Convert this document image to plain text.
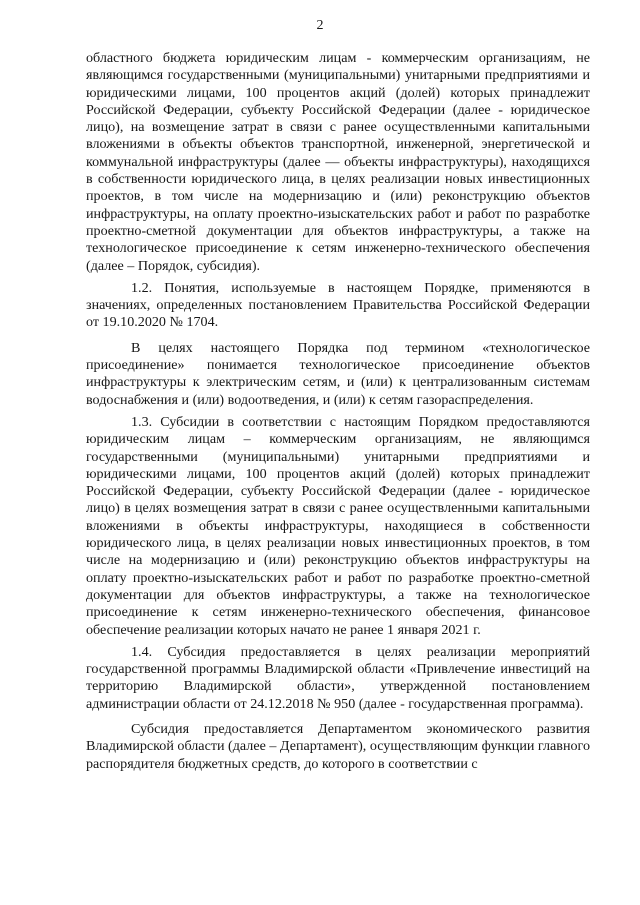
2

областного бюджета юридическим лицам - коммерческим организациям, не являющимся государственными (муниципальными) унитарными предприятиями и юридическими лицами, 100 процентов акций (долей) которых принадлежит Российской Федерации, субъекту Российской Федерации (далее - юридическое лицо), на возмещение затрат в связи с ранее осуществленными капитальными вложениями в объекты объектов транспортной, инженерной, энергетической и коммунальной инфраструктуры (далее — объекты инфраструктуры), находящихся в собственности юридического лица, в целях реализации новых инвестиционных проектов, в том числе на модернизацию и (или) реконструкцию объектов инфраструктуры, на оплату проектно-изыскательских работ и работ по разработке проектно-сметной документации для объектов инфраструктуры, а также на технологическое присоединение к сетям инженерно-технического обеспечения (далее – Порядок, субсидия).

1.2. Понятия, используемые в настоящем Порядке, применяются в значениях, определенных постановлением Правительства Российской Федерации от 19.10.2020 № 1704.

В целях настоящего Порядка под термином «технологическое присоединение» понимается технологическое присоединение объектов инфраструктуры к электрическим сетям, и (или) к централизованным системам водоснабжения и (или) водоотведения, и (или) к сетям газораспределения.

1.3. Субсидии в соответствии с настоящим Порядком предоставляются юридическим лицам – коммерческим организациям, не являющимся государственными (муниципальными) унитарными предприятиями и юридическими лицами, 100 процентов акций (долей) которых принадлежит Российской Федерации, субъекту Российской Федерации (далее - юридическое лицо) в целях возмещения затрат в связи с ранее осуществленными капитальными вложениями в объекты инфраструктуры, находящиеся в собственности юридического лица, в целях реализации новых инвестиционных проектов, в том числе на модернизацию и (или) реконструкцию объектов инфраструктуры на оплату проектно-изыскательских работ и работ по разработке проектно-сметной документации для объектов инфраструктуры, а также на технологическое присоединение к сетям инженерно-технического обеспечения, финансовое обеспечение реализации которых начато не ранее 1 января 2021 г.

1.4. Субсидия предоставляется в целях реализации мероприятий государственной программы Владимирской области «Привлечение инвестиций на территорию Владимирской области», утвержденной постановлением администрации области от 24.12.2018 № 950 (далее - государственная программа).

Субсидия предоставляется Департаментом экономического развития Владимирской области (далее – Департамент), осуществляющим функции главного распорядителя бюджетных средств, до которого в соответствии с
